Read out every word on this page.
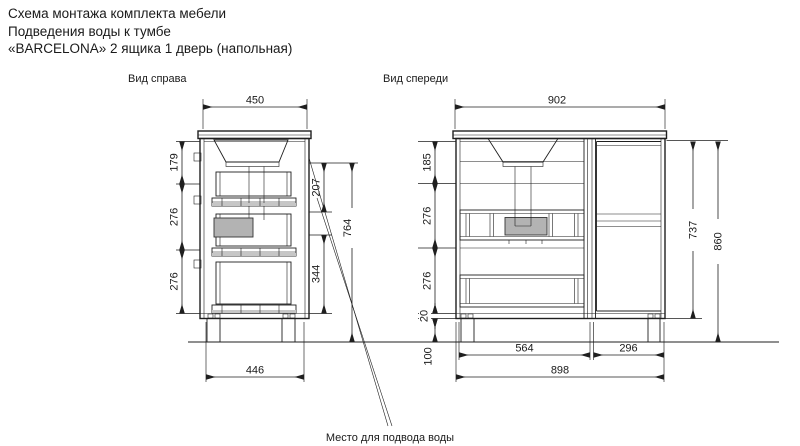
Схема монтажа комплекта мебели
Подведения воды к тумбе
«BARCELONA» 2 ящика 1 дверь (напольная)
Вид справа	Вид спереди
450
446
179
276
276
207
344
764
902
185
276
276
20
100
737
860
564	296
898
Место для подвода воды
